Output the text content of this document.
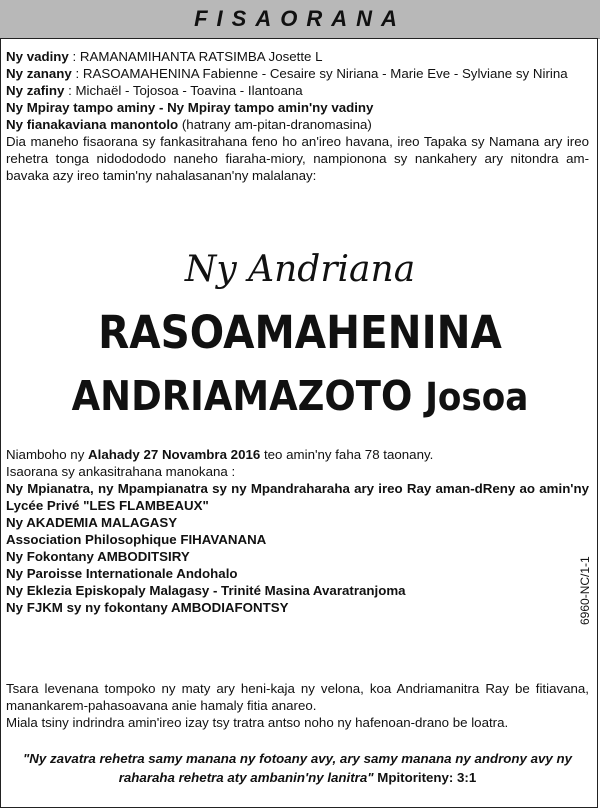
FISAORANA

Ny vadiny : RAMANAMIHANTA RATSIMBA Josette L

Ny zanany : RASOAMAHENINA Fabienne - Cesaire sy Niriana - Marie Eve - Sylviane sy Nirina

Ny zafiny : Michaël - Tojosoa - Toavina - Ilantoana

Ny Mpiray tampo aminy - Ny Mpiray tampo amin'ny vadiny

Ny fianakaviana manontolo (hatrany am-pitan-dranomasina)

Dia maneho fisaorana sy fankasitrahana feno ho an'ireo havana, ireo Tapaka sy Namana ary ireo rehetra tonga nidodododo naneho fiaraha-miory, nampionona sy nankahery ary nitondra am-bavaka azy ireo tamin'ny nahalasanan'ny malalanay:

Ny Andriana
RASOAMAHENINA
ANDRIAMAZOTO Josoa

Niamboho ny Alahady 27 Novambra 2016 teo amin'ny faha 78 taonany.

Isaorana sy ankasitrahana manokana :

Ny Mpianatra, ny Mpampianatra sy ny Mpandraharaha ary ireo Ray aman-dReny ao amin'ny Lycée Privé "LES FLAMBEAUX"

Ny AKADEMIA MALAGASY

Association Philosophique FIHAVANANA

Ny Fokontany AMBODITSIRY

Ny Paroisse Internationale Andohalo

Ny Eklezia Episkopaly Malagasy - Trinité Masina Avaratranjoma

Ny FJKM sy ny fokontany AMBODIAFONTSY	6960-NC/1-1

Tsara levenana tompoko ny maty ary heni-kaja ny velona, koa Andriamanitra Ray be fitiavana, manankarem-pahasoavana anie hamaly fitia anareo.

Miala tsiny indrindra amin'ireo izay tsy tratra antso noho ny hafenoan-drano be loatra.

"Ny zavatra rehetra samy manana ny fotoany avy, ary samy manana ny androny avy ny raharaha rehetra aty ambanin'ny lanitra" Mpitoriteny: 3:1
